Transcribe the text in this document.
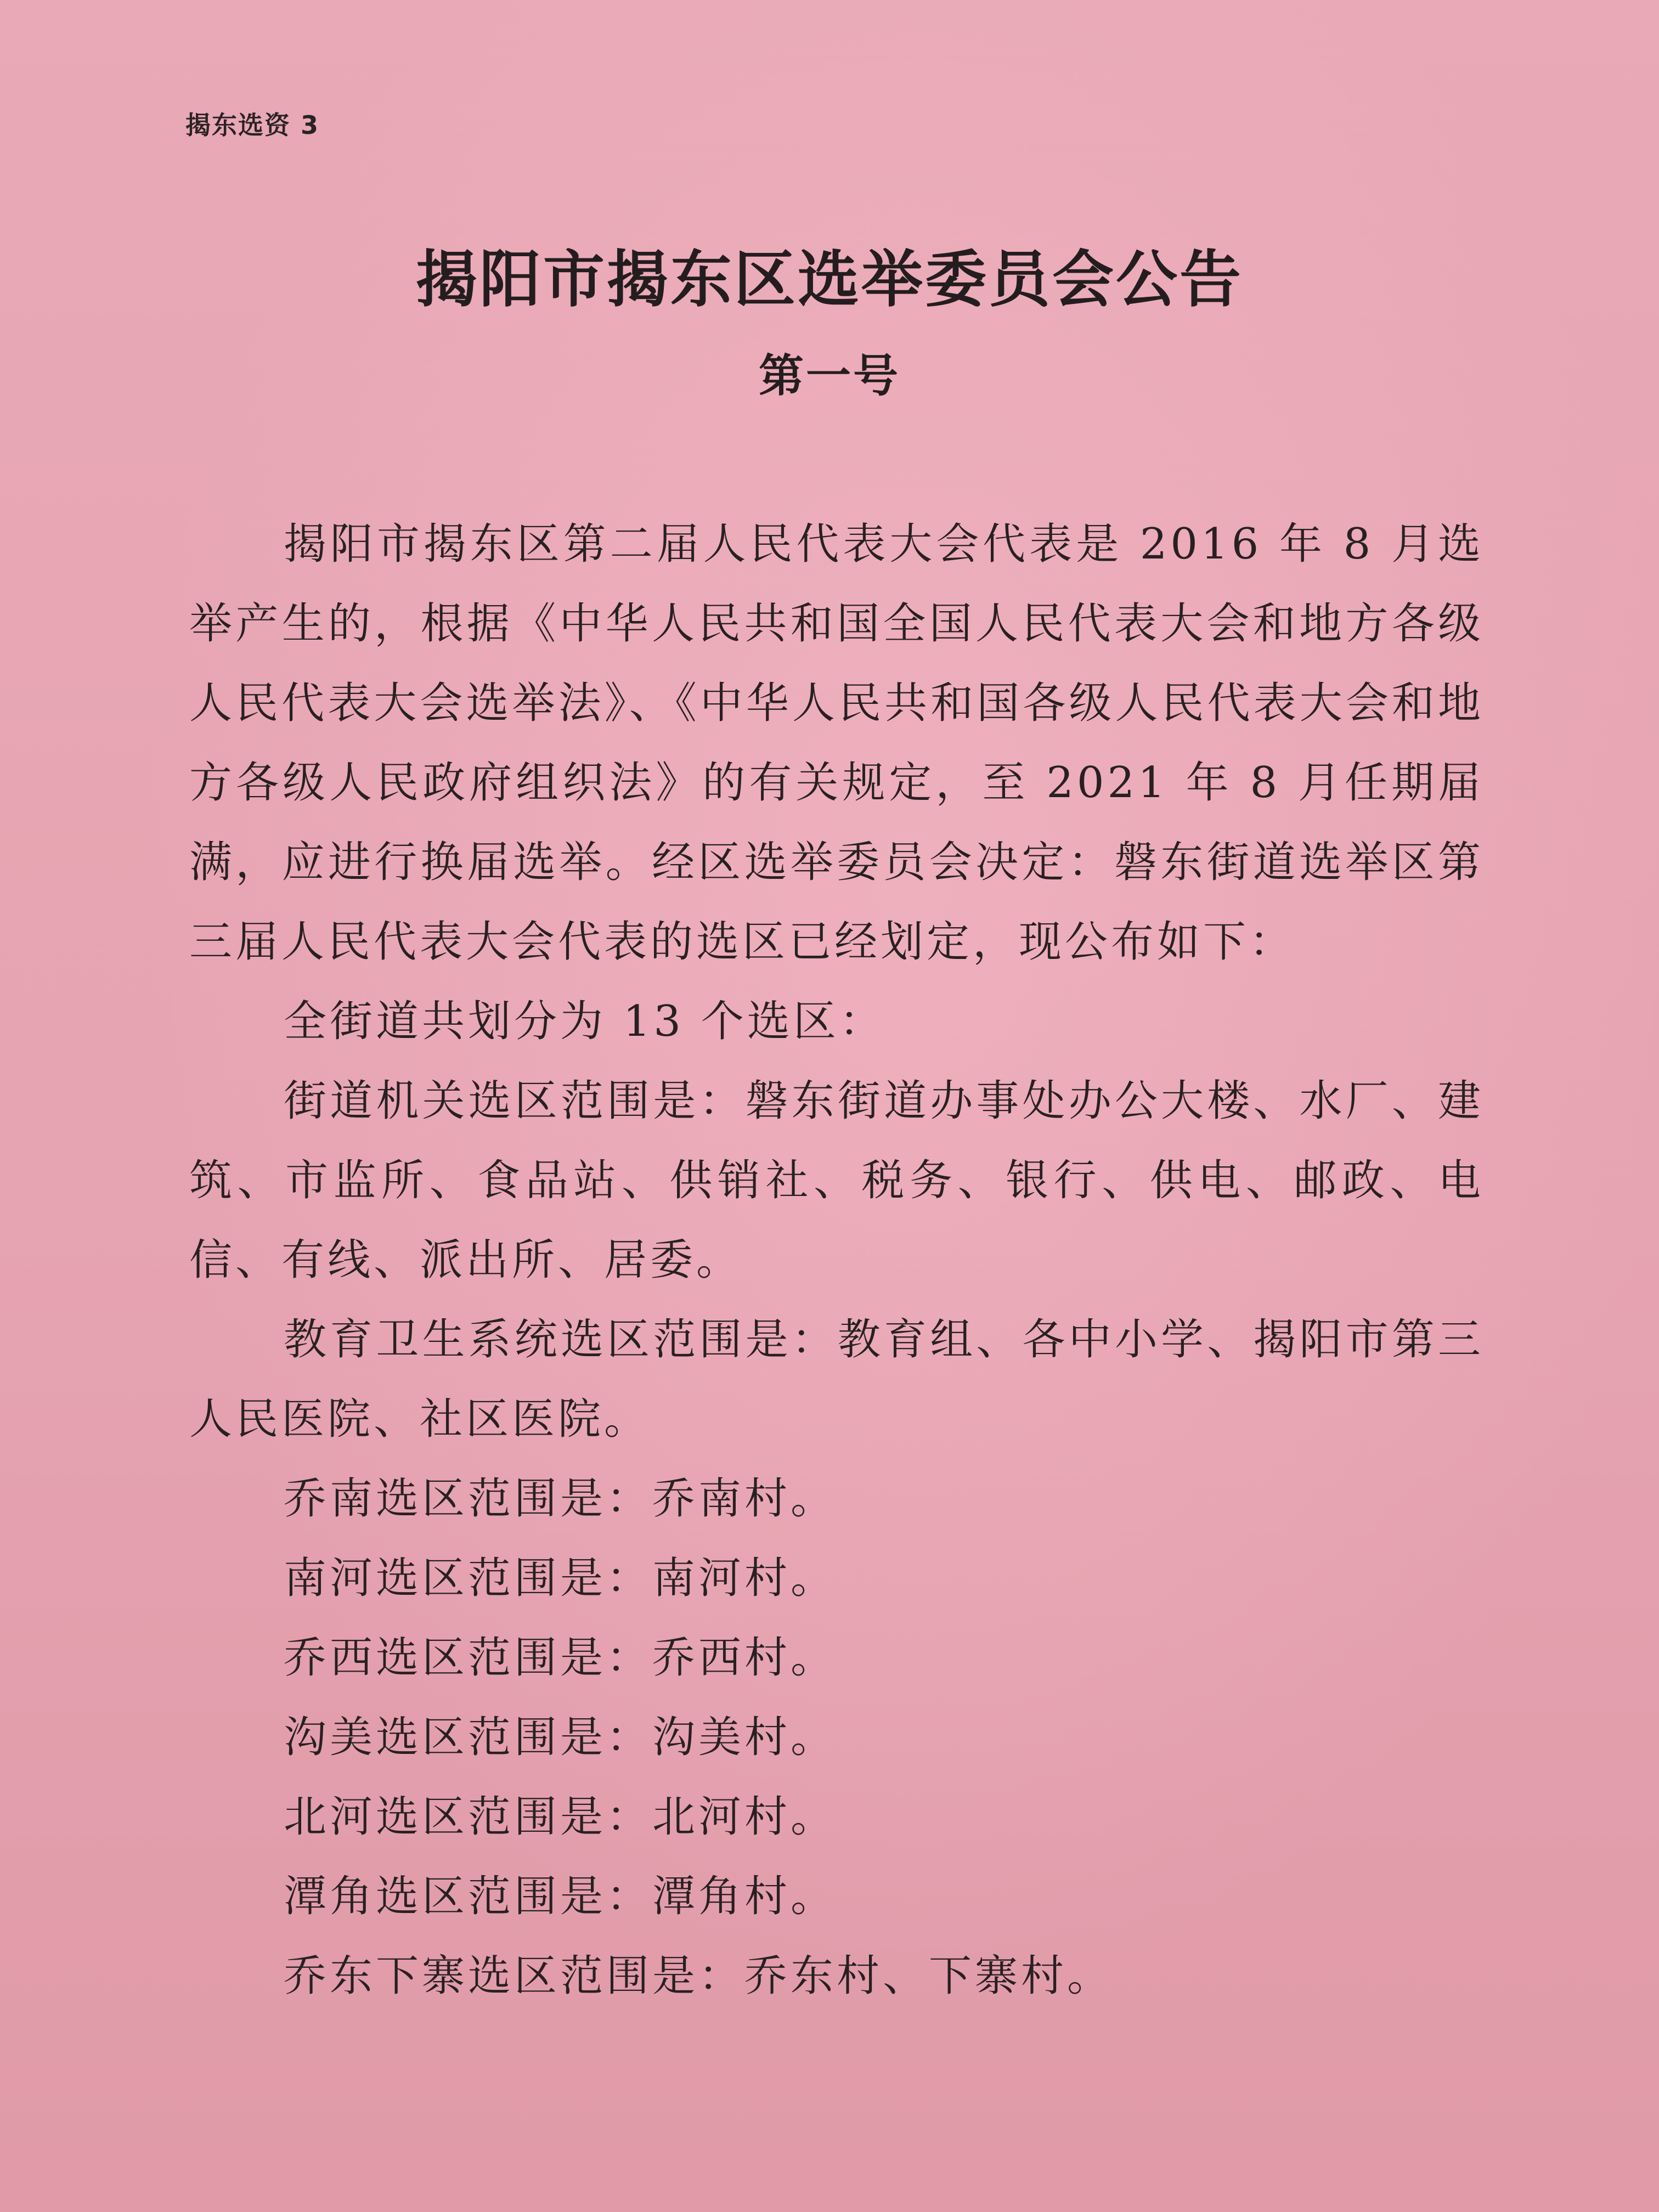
揭东选资 3
揭阳市揭东区选举委员会公告
第一号

揭阳市揭东区第二届人民代表大会代表是 2016 年 8 月选举产生的，根据《中华人民共和国全国人民代表大会和地方各级人民代表大会选举法》、《中华人民共和国各级人民代表大会和地方各级人民政府组织法》的有关规定，至 2021 年 8 月任期届满，应进行换届选举。经区选举委员会决定：磐东街道选举区第三届人民代表大会代表的选区已经划定，现公布如下：

全街道共划分为 13 个选区：

街道机关选区范围是：磐东街道办事处办公大楼、水厂、建筑、市监所、食品站、供销社、税务、银行、供电、邮政、电信、有线、派出所、居委。

教育卫生系统选区范围是：教育组、各中小学、揭阳市第三人民医院、社区医院。

乔南选区范围是：乔南村。

南河选区范围是：南河村。

乔西选区范围是：乔西村。

沟美选区范围是：沟美村。

北河选区范围是：北河村。

潭角选区范围是：潭角村。

乔东下寨选区范围是：乔东村、下寨村。
